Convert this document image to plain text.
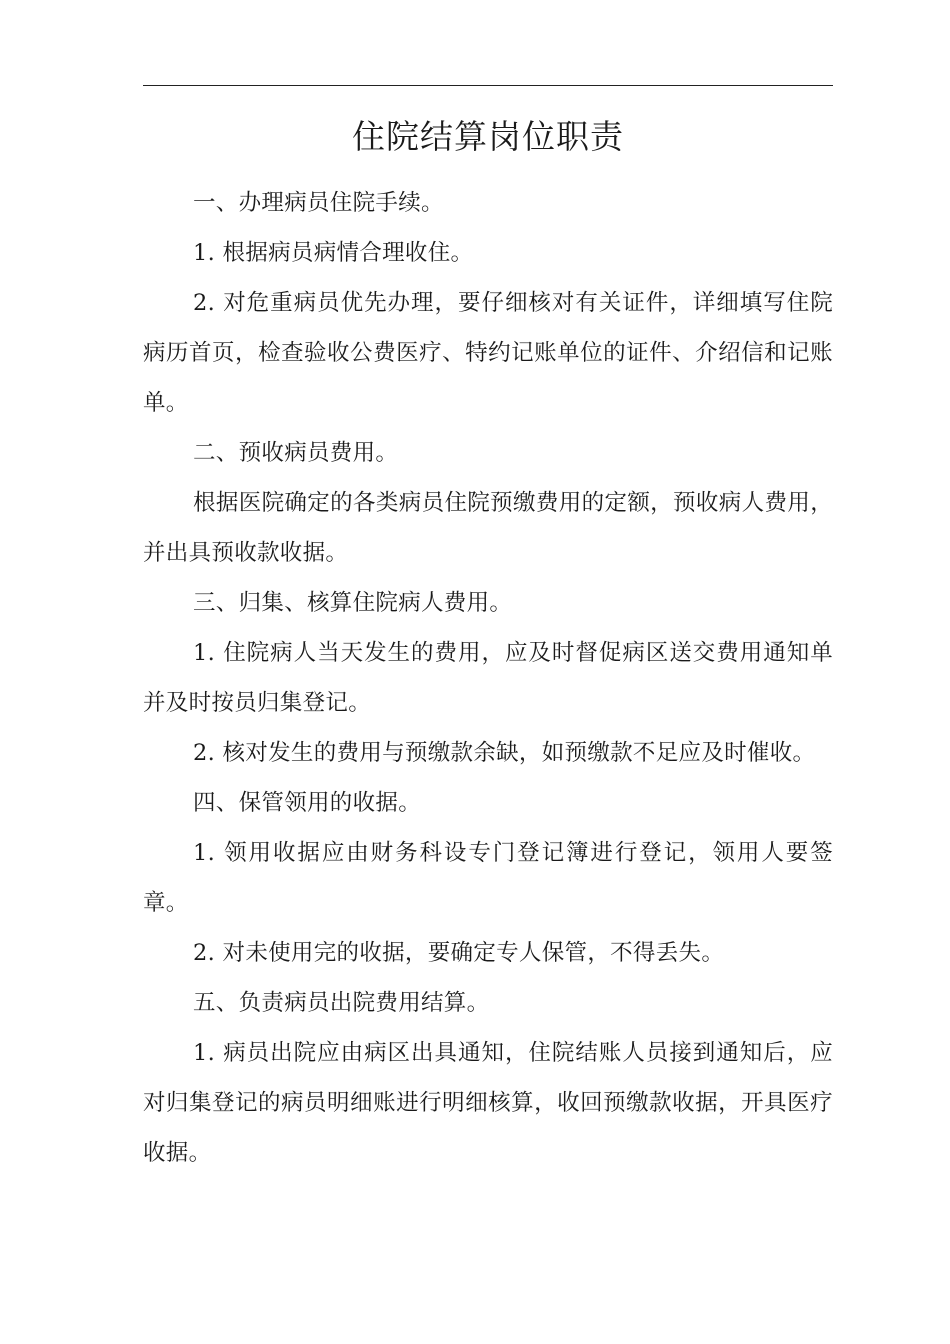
住院结算岗位职责

一、办理病员住院手续。

1. 根据病员病情合理收住。

2. 对危重病员优先办理，要仔细核对有关证件，详细填写住院病历首页，检查验收公费医疗、特约记账单位的证件、介绍信和记账单。

二、预收病员费用。

根据医院确定的各类病员住院预缴费用的定额，预收病人费用，并出具预收款收据。

三、归集、核算住院病人费用。

1. 住院病人当天发生的费用，应及时督促病区送交费用通知单并及时按员归集登记。

2. 核对发生的费用与预缴款余缺，如预缴款不足应及时催收。

四、保管领用的收据。

1. 领用收据应由财务科设专门登记簿进行登记，领用人要签章。

2. 对未使用完的收据，要确定专人保管，不得丢失。

五、负责病员出院费用结算。

1. 病员出院应由病区出具通知，住院结账人员接到通知后，应对归集登记的病员明细账进行明细核算，收回预缴款收据，开具医疗收据。
